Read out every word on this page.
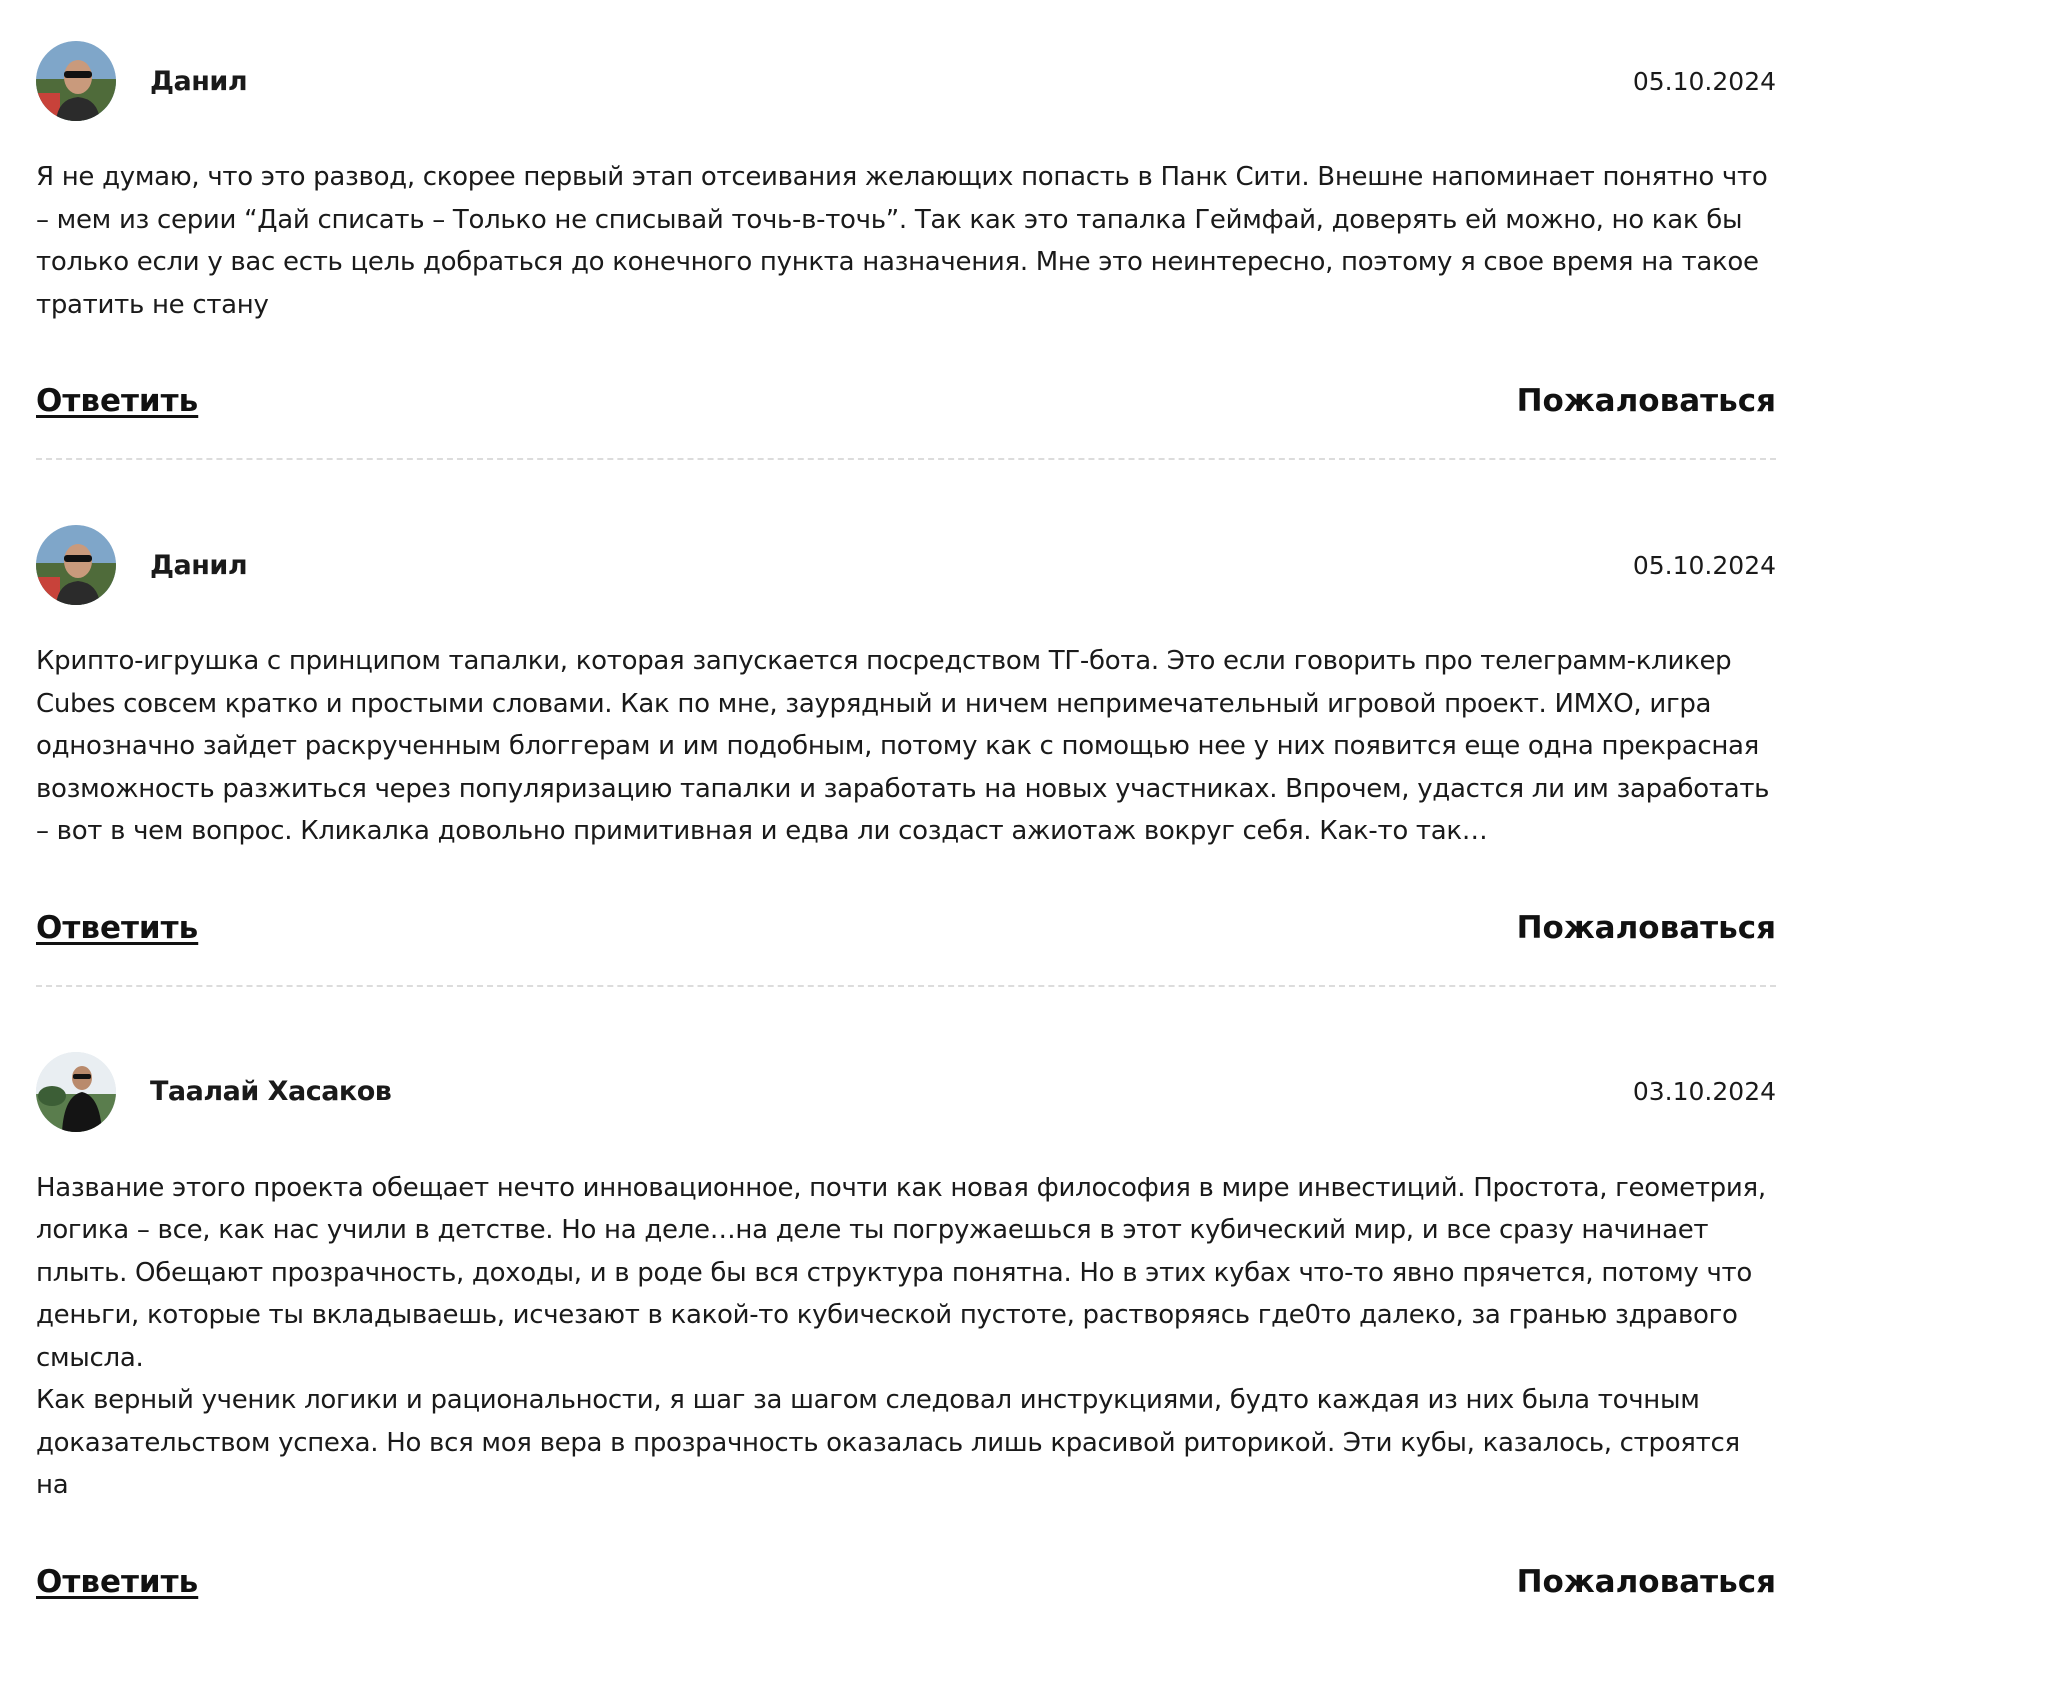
Данил	05.10.2024
Я не думаю, что это развод, скорее первый этап отсеивания желающих попасть в Панк Сити. Внешне напоминает понятно что – мем из серии “Дай списать – Только не списывай точь-в-точь”. Так как это тапалка Геймфай, доверять ей можно, но как бы только если у вас есть цель добраться до конечного пункта назначения. Мне это неинтересно, поэтому я свое время на такое тратить не стану
Ответить	Пожаловаться
Данил	05.10.2024
Крипто-игрушка с принципом тапалки, которая запускается посредством ТГ-бота. Это если говорить про телеграмм-кликер Cubes совсем кратко и простыми словами. Как по мне, заурядный и ничем непримечательный игровой проект. ИМХО, игра однозначно зайдет раскрученным блоггерам и им подобным, потому как с помощью нее у них появится еще одна прекрасная возможность разжиться через популяризацию тапалки и заработать на новых участниках. Впрочем, удастся ли им заработать – вот в чем вопрос. Кликалка довольно примитивная и едва ли создаст ажиотаж вокруг себя. Как-то так…
Ответить	Пожаловаться
Таалай Хасаков	03.10.2024
Название этого проекта обещает нечто инновационное, почти как новая философия в мире инвестиций. Простота, геометрия, логика – все, как нас учили в детстве. Но на деле…на деле ты погружаешься в этот кубический мир, и все сразу начинает плыть. Обещают прозрачность, доходы, и в роде бы вся структура понятна. Но в этих кубах что-то явно прячется, потому что деньги, которые ты вкладываешь, исчезают в какой-то кубической пустоте, растворяясь где0то далеко, за гранью здравого смысла.
Как верный ученик логики и рациональности, я шаг за шагом следовал инструкциями, будто каждая из них была точным доказательством успеха. Но вся моя вера в прозрачность оказалась лишь красивой риторикой. Эти кубы, казалось, строятся на
Ответить	Пожаловаться
